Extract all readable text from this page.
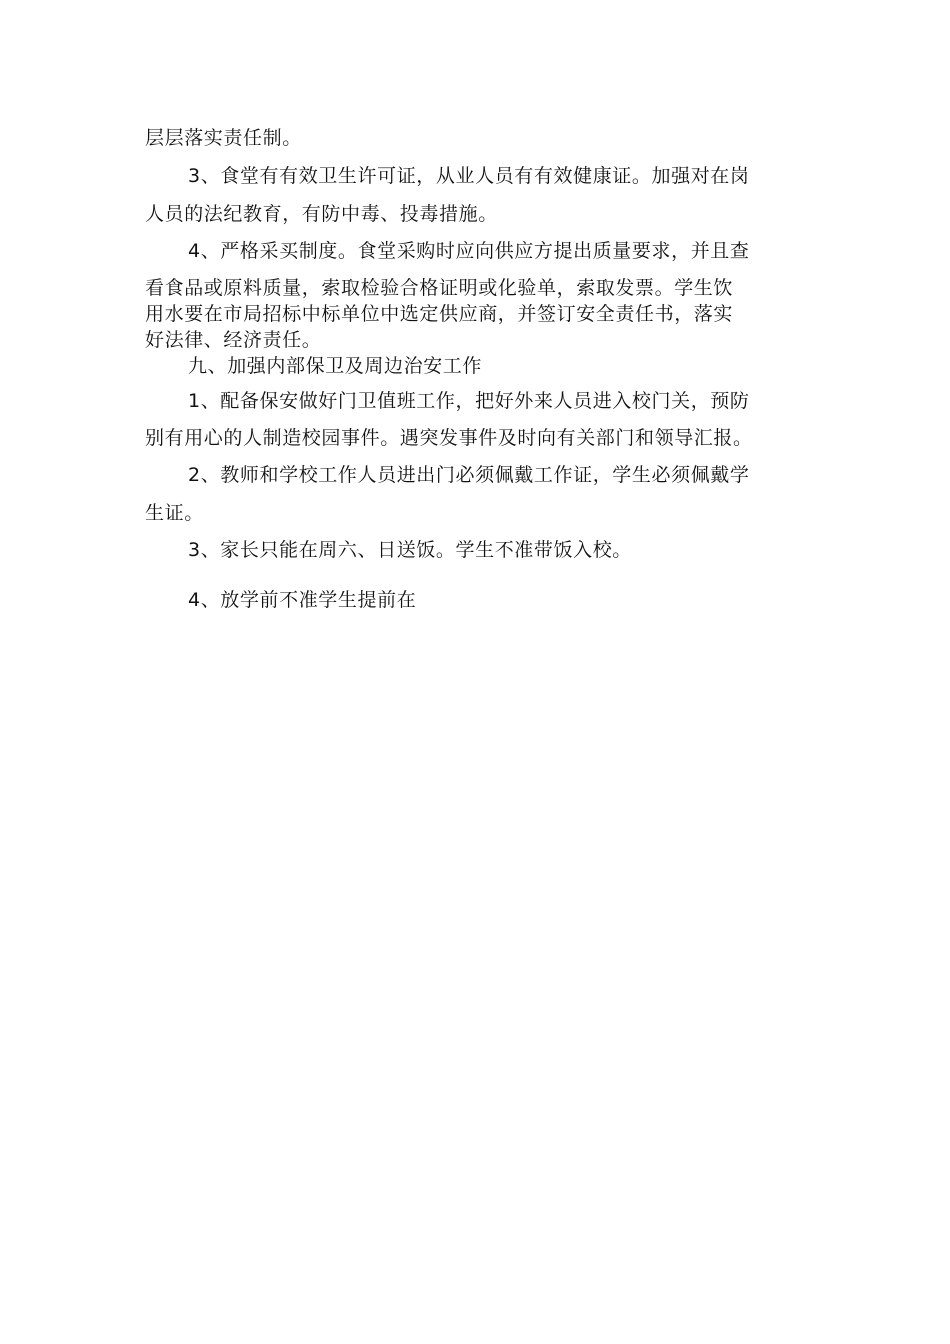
层层落实责任制。
3、食堂有有效卫生许可证，从业人员有有效健康证。加强对在岗
人员的法纪教育，有防中毒、投毒措施。
4、严格采买制度。食堂采购时应向供应方提出质量要求，并且查
看食品或原料质量，索取检验合格证明或化验单，索取发票。学生饮
用水要在市局招标中标单位中选定供应商，并签订安全责任书，落实
好法律、经济责任。
九、加强内部保卫及周边治安工作
1、配备保安做好门卫值班工作，把好外来人员进入校门关，预防
别有用心的人制造校园事件。遇突发事件及时向有关部门和领导汇报。
2、教师和学校工作人员进出门必须佩戴工作证，学生必须佩戴学
生证。
3、家长只能在周六、日送饭。学生不准带饭入校。
4、放学前不准学生提前在
